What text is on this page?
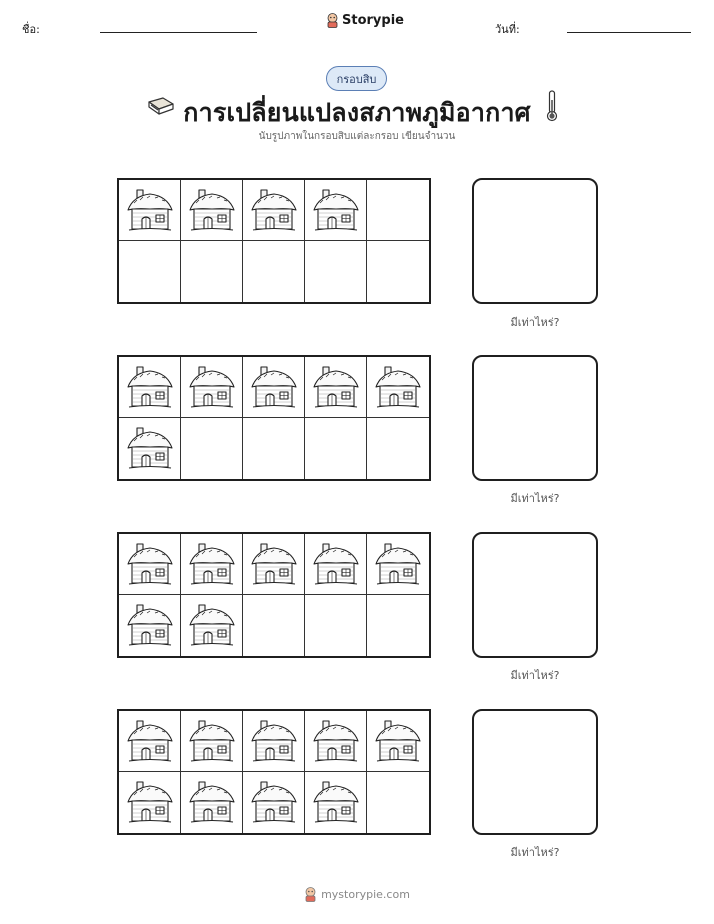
ชื่อ:
Storypie
วันที่:
กรอบสิบ
การเปลี่ยนแปลงสภาพภูมิอากาศ
นับรูปภาพในกรอบสิบแต่ละกรอบ เขียนจำนวน
มีเท่าไหร่?
มีเท่าไหร่?
มีเท่าไหร่?
มีเท่าไหร่?
mystorypie.com
